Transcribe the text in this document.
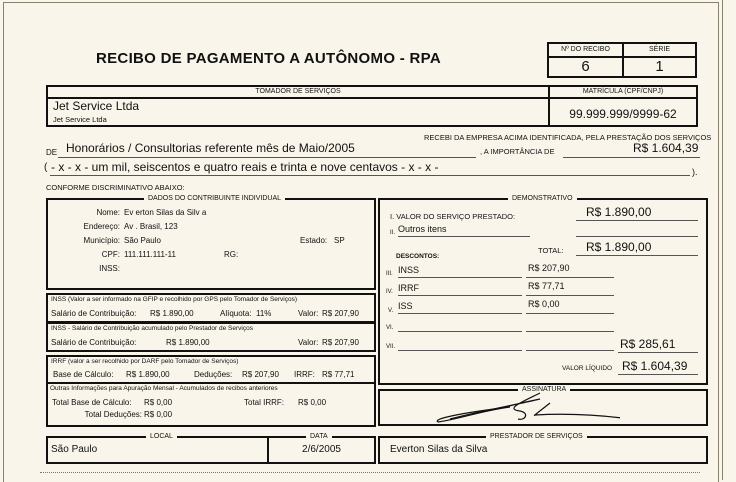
RECIBO DE PAGAMENTO A AUTÔNOMO - RPA
Nº DO RECIBO	SÉRIE
6	1
TOMADOR DE SERVIÇOS	MATRÍCULA (CPF/CNPJ)
Jet Service Ltda
Jet Service Ltda	99.999.999/9999-62
RECEBI DA EMPRESA ACIMA IDENTIFICADA, PELA PRESTAÇÃO DOS SERVIÇOS
DE Honorários / Consultorias referente mês de Maio/2005	, A IMPORTÂNCIA DE	R$ 1.604,39
( - x - x - um mil, seiscentos e quatro reais e trinta e nove centavos - x - x -	).
CONFORME DISCRIMINATIVO ABAIXO:
DADOS DO CONTRIBUINTE INDIVIDUAL
Nome: Ev erton Silas da Silv a
Endereço: Av . Brasil, 123
Município: São Paulo	Estado: SP
CPF: 111.111.111-11	RG:
INSS:
INSS (Valor a ser informado na GFIP e recolhido por GPS pelo Tomador de Serviços)
Salário de Contribuição: R$ 1.890,00	Alíquota: 11%	Valor: R$ 207,90
INSS - Salário de Contribuição acumulado pelo Prestador de Serviços
Salário de Contribuição:	R$ 1.890,00	Valor: R$ 207,90
IRRF (valor a ser recolhido por DARF pelo Tomador de Serviços)
Base de Cálculo: R$ 1.890,00	Deduções: R$ 207,90 IRRF: R$ 77,71
Outras Informações para Apuração Mensal - Acumulados de recibos anteriores
Total Base de Cálculo: R$ 0,00	Total IRRF: R$ 0,00
Total Deduções: R$ 0,00
DEMONSTRATIVO
I. VALOR DO SERVIÇO PRESTADO:	R$ 1.890,00
II. Outros itens
TOTAL: R$ 1.890,00
DESCONTOS:
III. INSS	R$ 207,90
IV. IRRF	R$ 77,71
V. ISS	R$ 0,00
VI.
VII.	R$ 285,61
VALOR LÍQUIDO R$ 1.604,39
ASSINATURA
LOCAL	DATA
São Paulo	2/6/2005
PRESTADOR DE SERVIÇOS
Everton Silas da Silva
